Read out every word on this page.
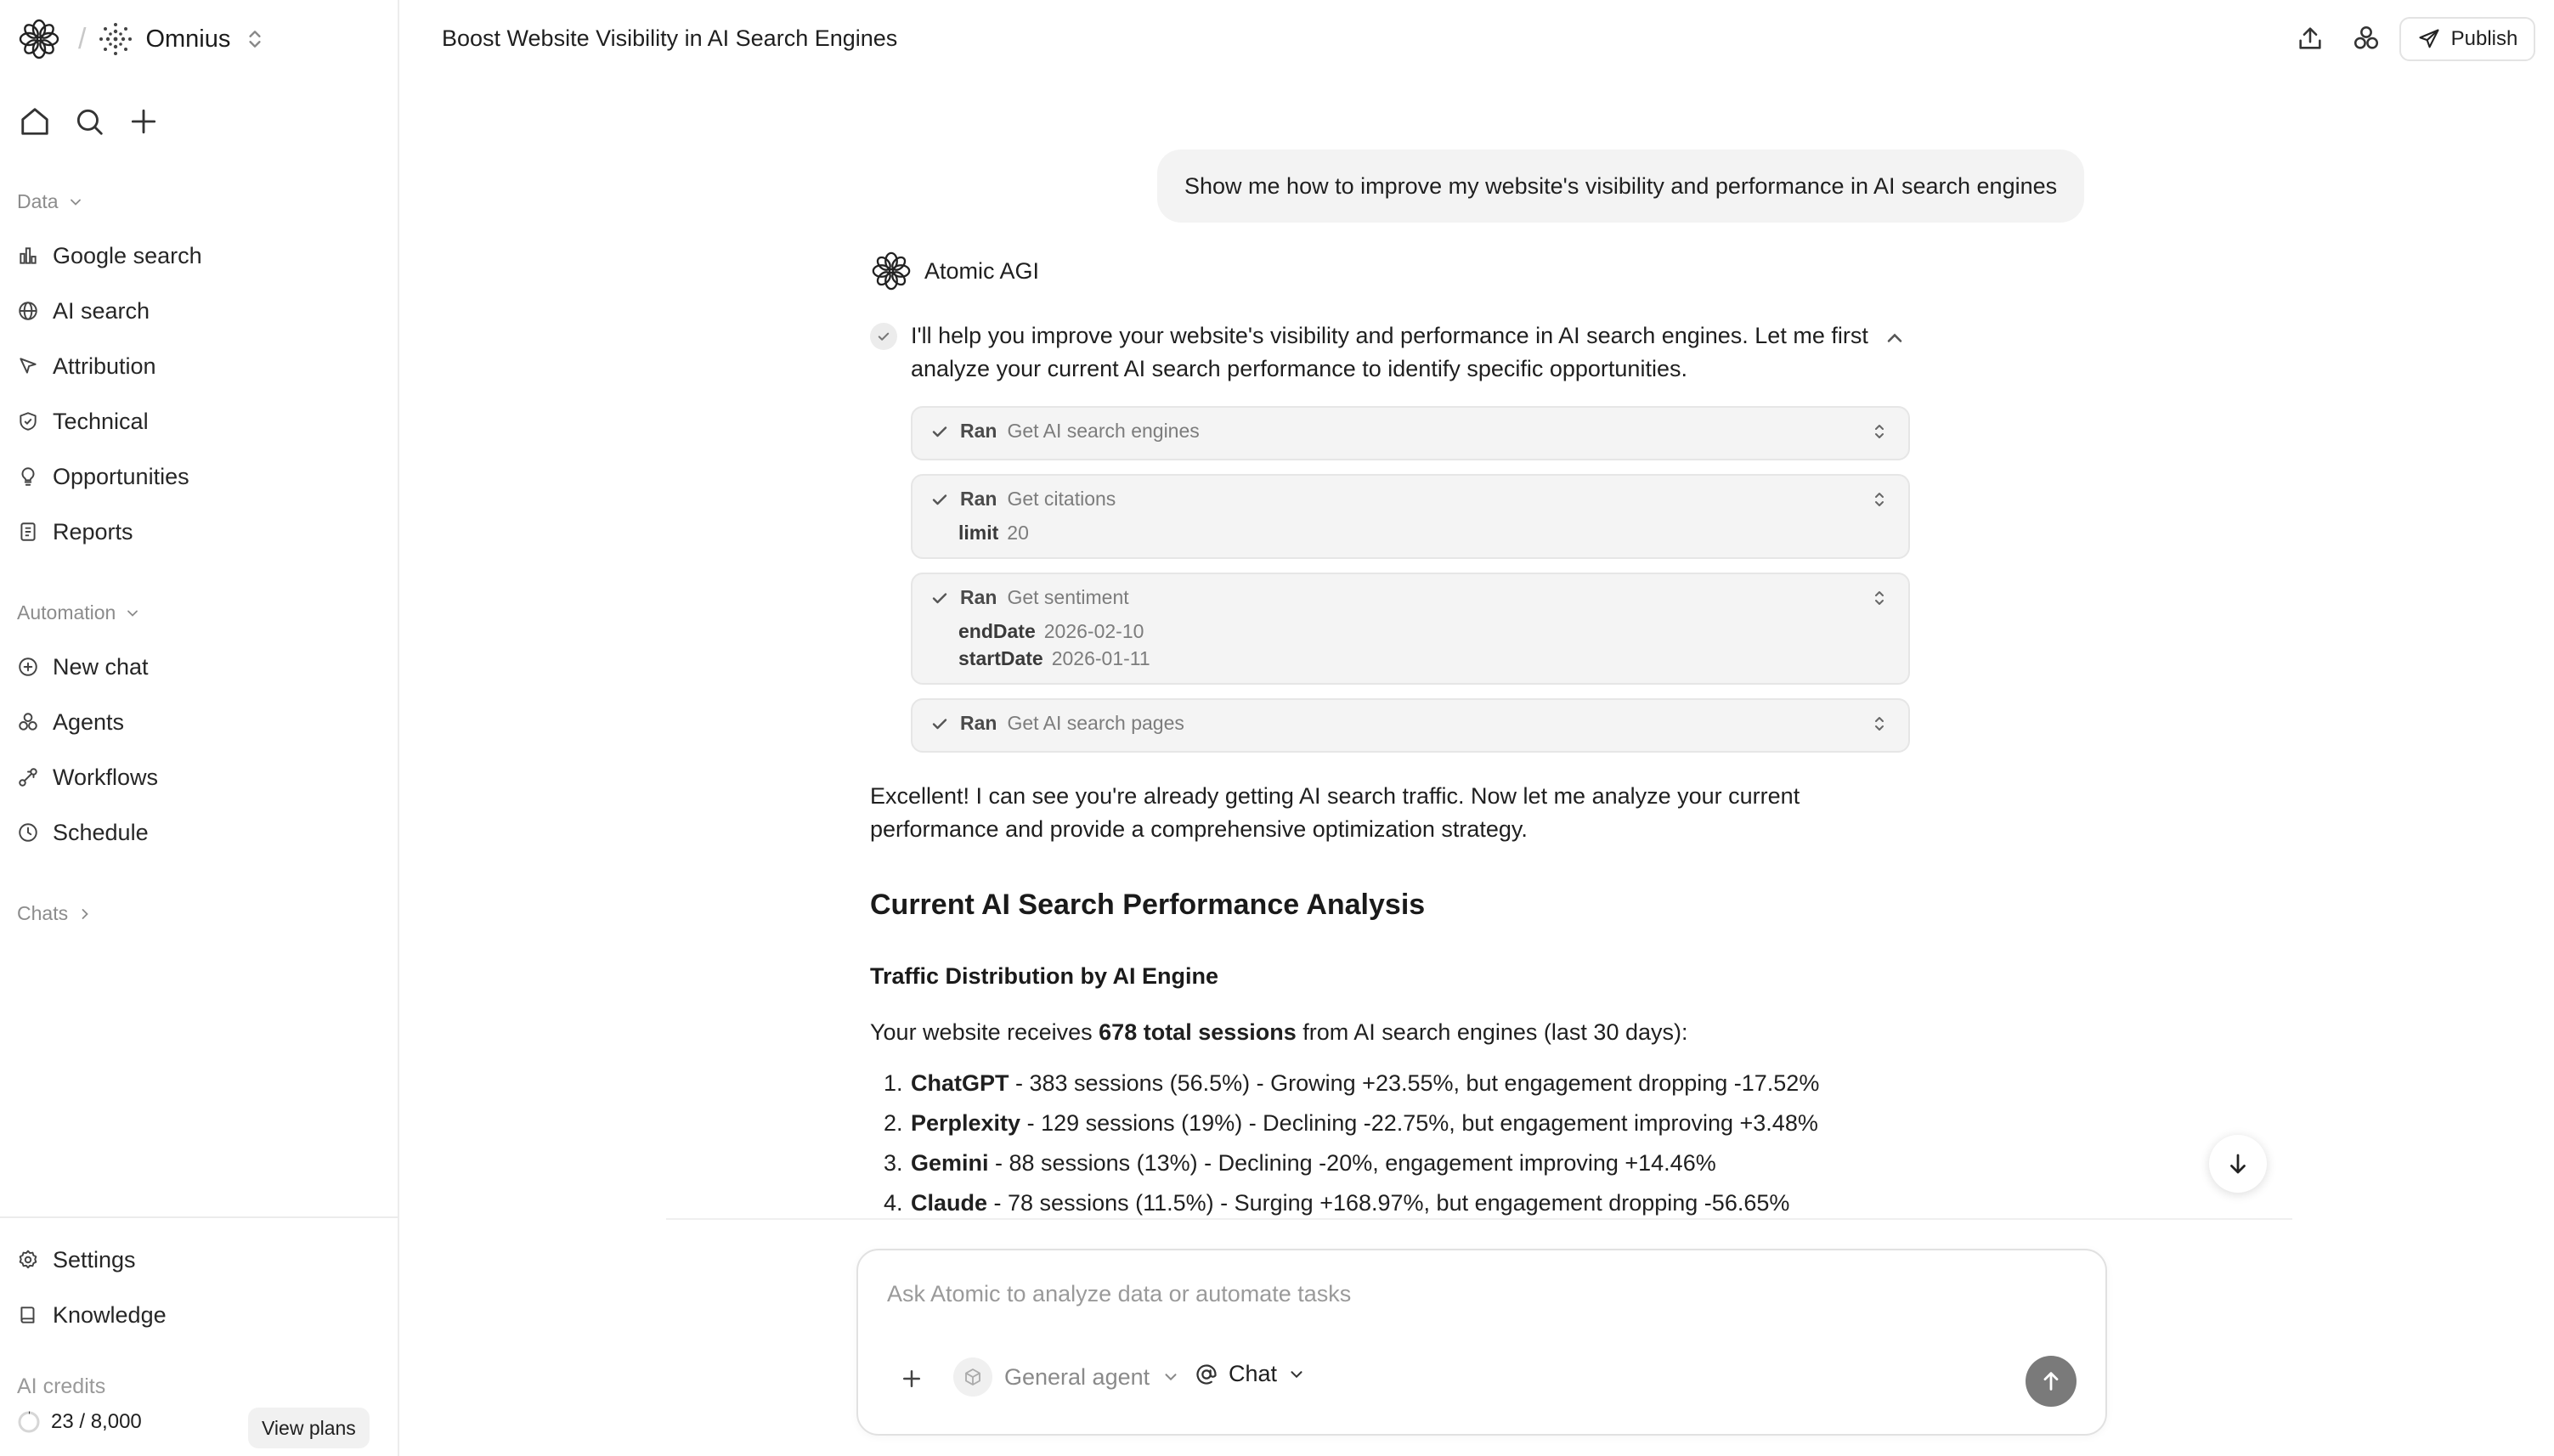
/ Omnius
Data
Google search
AI search
Attribution
Technical
Opportunities
Reports
Automation
New chat
Agents
Workflows
Schedule
Chats
Settings
Knowledge
AI credits
23 / 8,000	View plans
Boost Website Visibility in AI Search Engines	Publish
Show me how to improve my website's visibility and performance in AI search engines
Atomic AGI
I'll help you improve your website's visibility and performance in AI search engines. Let me first analyze your current AI search performance to identify specific opportunities.
Ran Get AI search engines
Ran Get citations
limit 20
Ran Get sentiment
endDate 2026-02-10
startDate 2026-01-11
Ran Get AI search pages
Excellent! I can see you're already getting AI search traffic. Now let me analyze your current performance and provide a comprehensive optimization strategy.
Current AI Search Performance Analysis
Traffic Distribution by AI Engine
Your website receives 678 total sessions from AI search engines (last 30 days):
1. ChatGPT - 383 sessions (56.5%) - Growing +23.55%, but engagement dropping -17.52%
2. Perplexity - 129 sessions (19%) - Declining -22.75%, but engagement improving +3.48%
3. Gemini - 88 sessions (13%) - Declining -20%, engagement improving +14.46%
4. Claude - 78 sessions (11.5%) - Surging +168.97%, but engagement dropping -56.65%
Ask Atomic to analyze data or automate tasks
General agent	Chat
